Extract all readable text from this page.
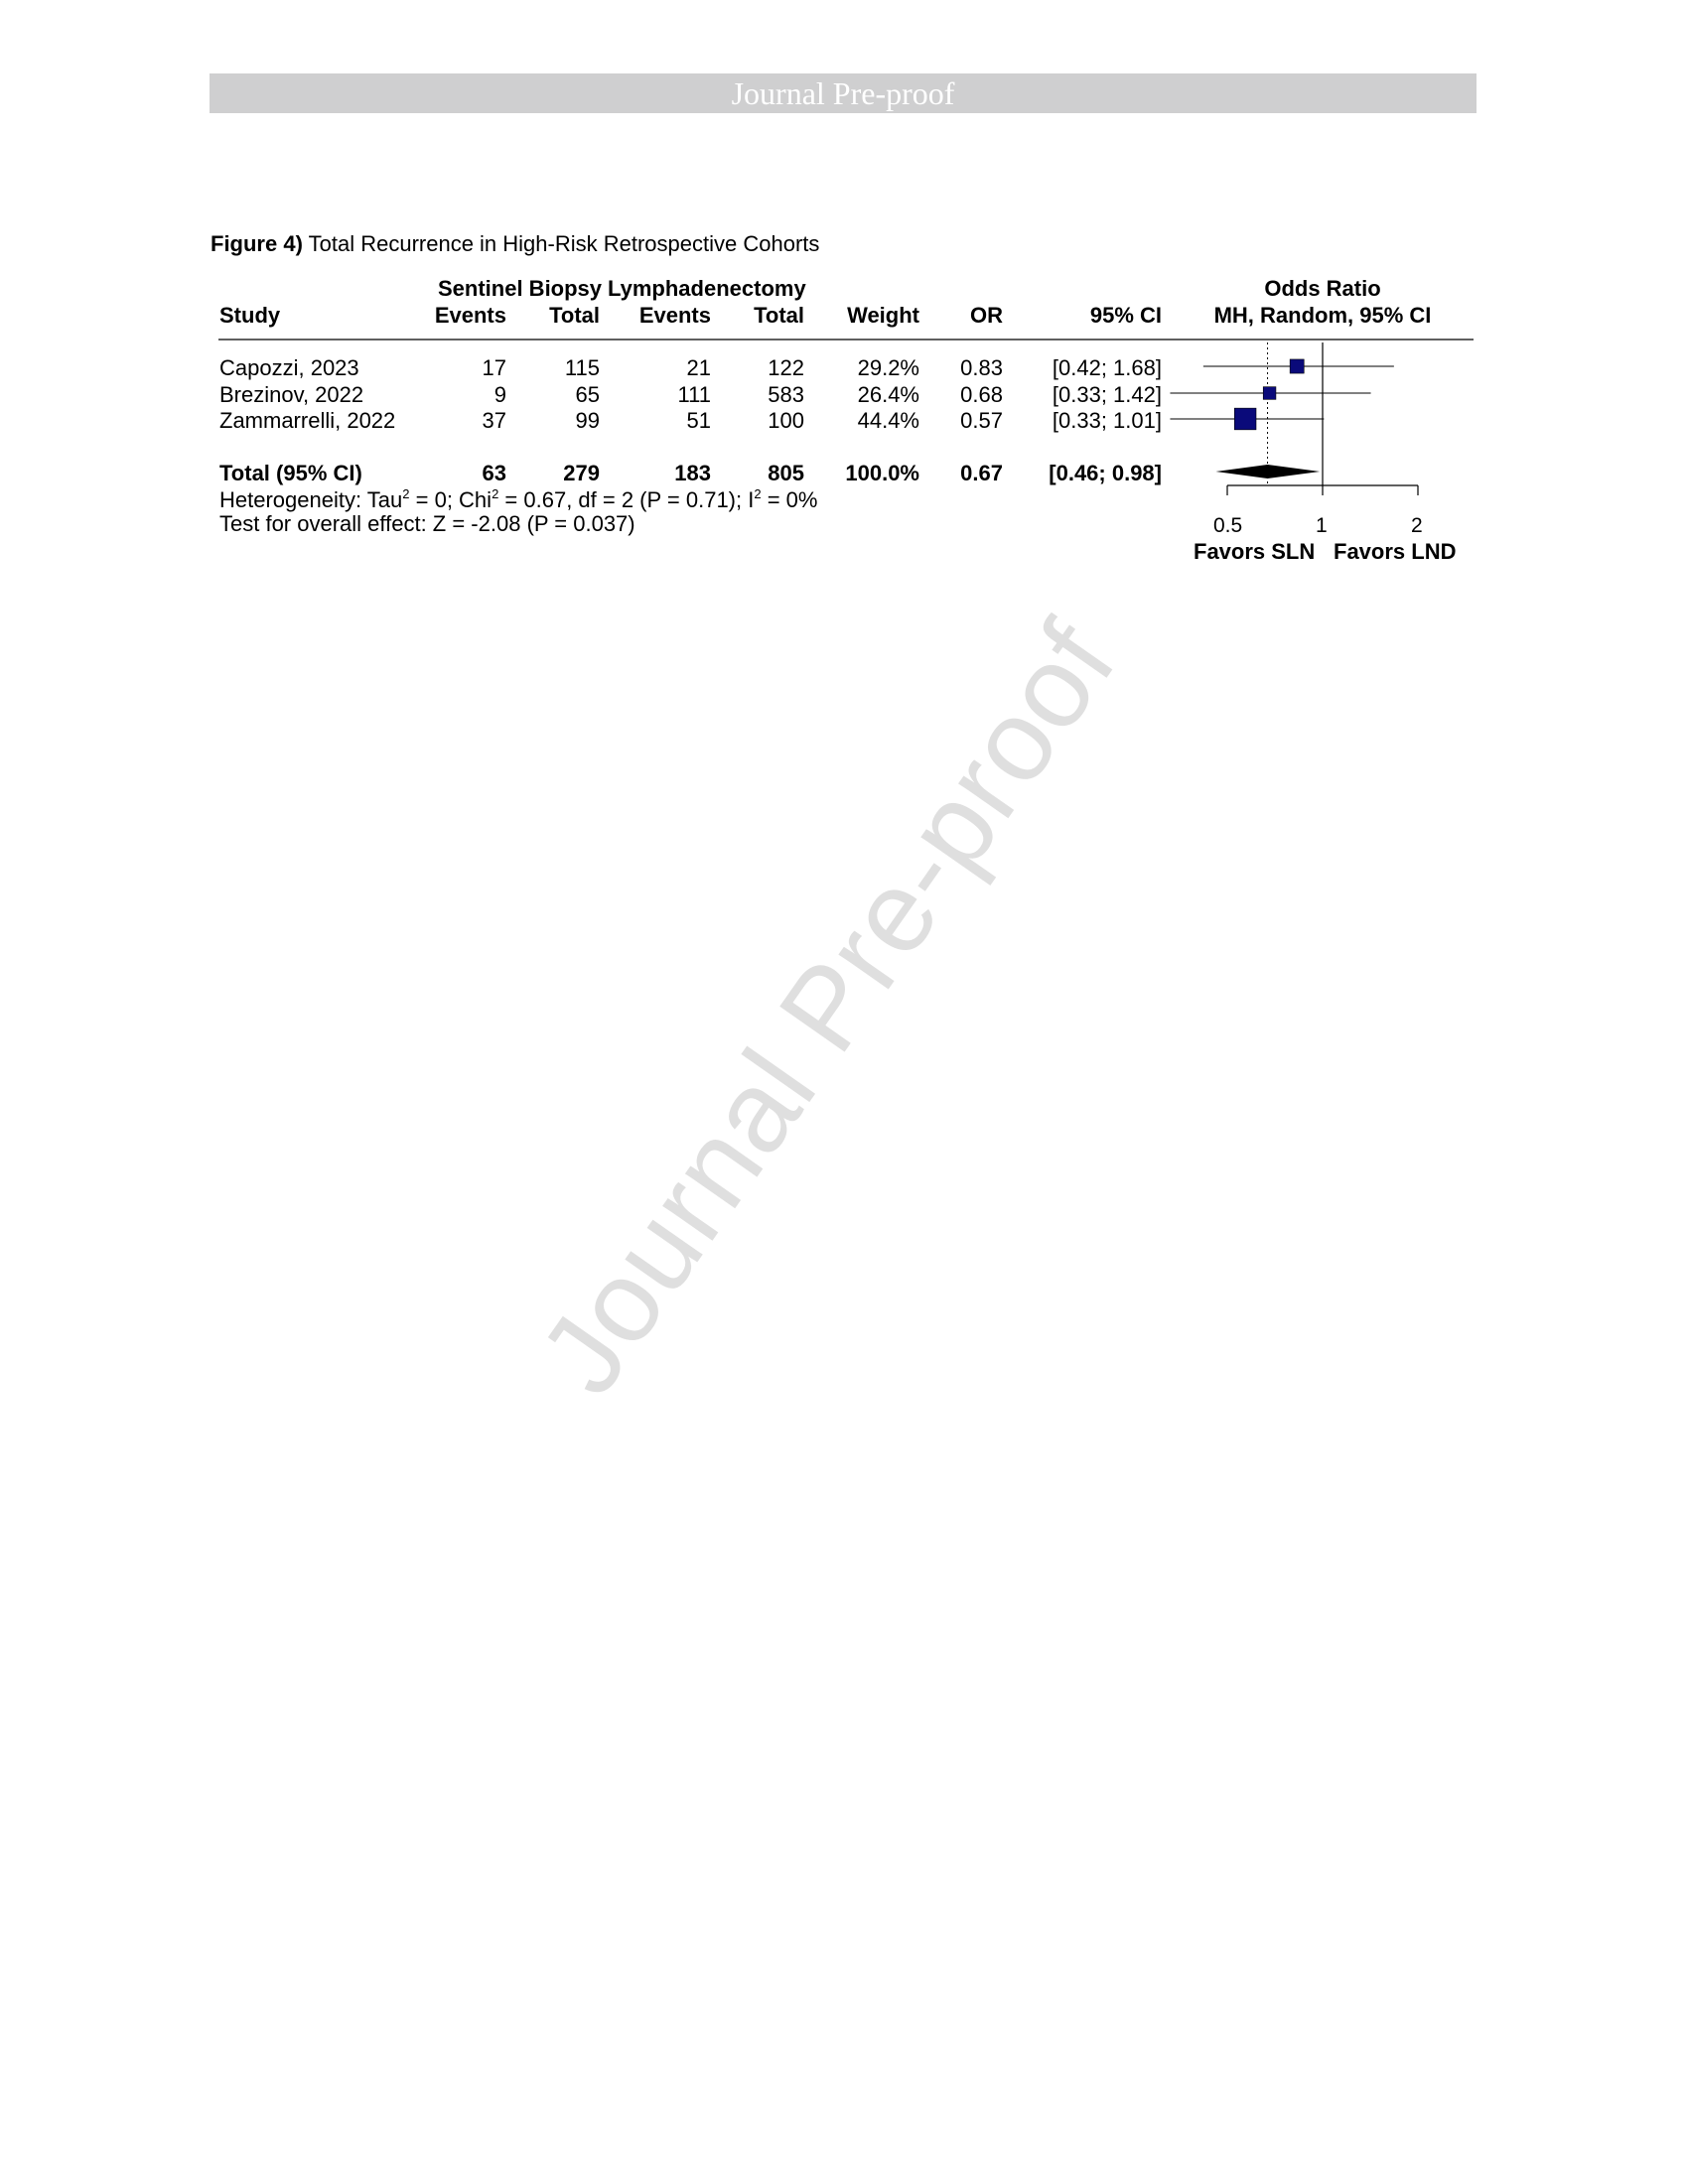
Journal Pre-proof
Journal Pre-proof
Figure 4) Total Recurrence in High-Risk Retrospective Cohorts
Sentinel Biopsy Lymphadenectomy	Odds Ratio
Study	Events	Total	Events	Total	Weight	OR	95% CI	MH, Random, 95% CI
Capozzi, 2023	17	115	21	122	29.2%	0.83	[0.42; 1.68]
Brezinov, 2022	9	65	111	583	26.4%	0.68	[0.33; 1.42]
Zammarrelli, 2022	37	99	51	100	44.4%	0.57	[0.33; 1.01]
Total (95% CI)	63	279	183	805	100.0%	0.67	[0.46; 0.98]
Heterogeneity: Tau$^2$ = 0; Chi$^2$ = 0.67, df = 2 (P = 0.71); $I^2 = 0\%$
Test for overall effect: Z = -2.08 (P = 0.037)	0.5	1	2
Favors SLN Favors LND
